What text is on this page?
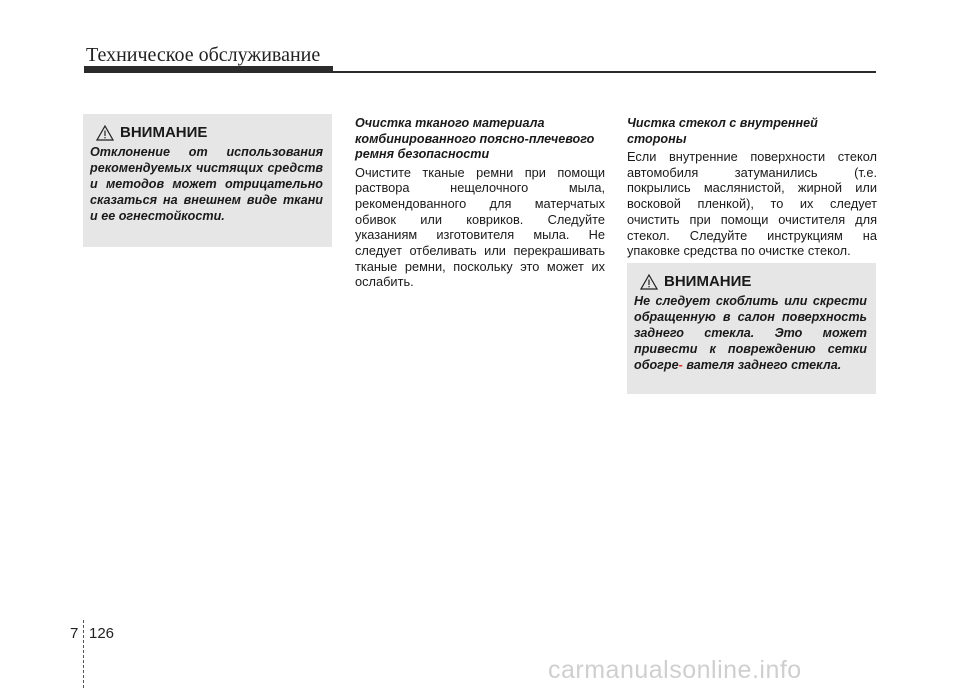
Техническое обслуживание
ВНИМАНИЕ
Отклонение от использования рекомендуемых чистящих средств и методов может отрицательно сказаться на внешнем виде ткани и ее огнестойкости.
Очистка тканого материала комбинированного поясно-плечевого ремня безопасности

Очистите тканые ремни при помощи раствора нещелочного мыла, рекомендованного для матерчатых обивок или ковриков. Следуйте указаниям изготовителя мыла. Не следует отбеливать или перекрашивать тканые ремни, поскольку это может их ослабить.

Чистка стекол с внутренней стороны

Если внутренние поверхности стекол автомобиля затуманились (т.е. покрылись маслянистой, жирной или восковой пленкой), то их следует очистить при помощи очистителя для стекол. Следуйте инструкциям на упаковке средства по очистке стекол.

ВНИМАНИЕ
Не следует скоблить или скрести обращенную в салон поверхность заднего стекла. Это может привести к повреждению сетки обогре- вателя заднего стекла.
7 126
carmanualsonline.info
